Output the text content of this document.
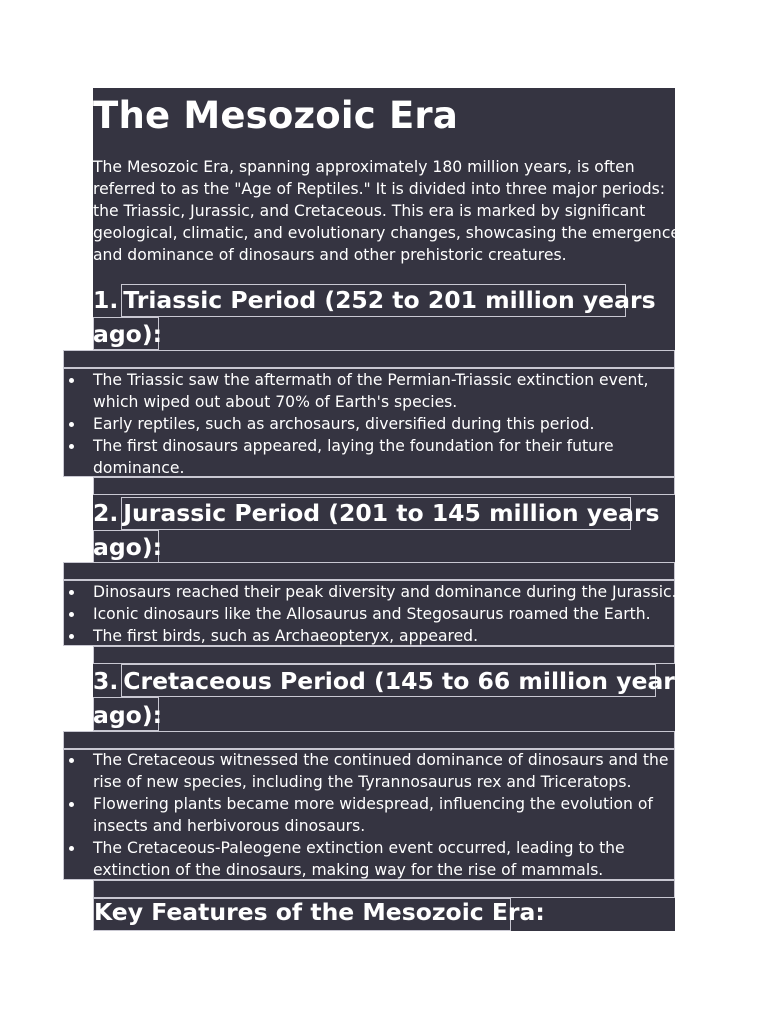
The Mesozoic Era
The Mesozoic Era, spanning approximately 180 million years, is often
referred to as the "Age of Reptiles." It is divided into three major periods:
the Triassic, Jurassic, and Cretaceous. This era is marked by significant
geological, climatic, and evolutionary changes, showcasing the emergence
and dominance of dinosaurs and other prehistoric creatures.
1. Triassic Period (252 to 201 million years
ago):
The Triassic saw the aftermath of the Permian-Triassic extinction event,
which wiped out about 70% of Earth's species.
Early reptiles, such as archosaurs, diversified during this period.
The first dinosaurs appeared, laying the foundation for their future
dominance.
2. Jurassic Period (201 to 145 million years
ago):
Dinosaurs reached their peak diversity and dominance during the Jurassic.
Iconic dinosaurs like the Allosaurus and Stegosaurus roamed the Earth.
The first birds, such as Archaeopteryx, appeared.
3. Cretaceous Period (145 to 66 million years
ago):
The Cretaceous witnessed the continued dominance of dinosaurs and the
rise of new species, including the Tyrannosaurus rex and Triceratops.
Flowering plants became more widespread, influencing the evolution of
insects and herbivorous dinosaurs.
The Cretaceous-Paleogene extinction event occurred, leading to the
extinction of the dinosaurs, making way for the rise of mammals.
Key Features of the Mesozoic Era:
